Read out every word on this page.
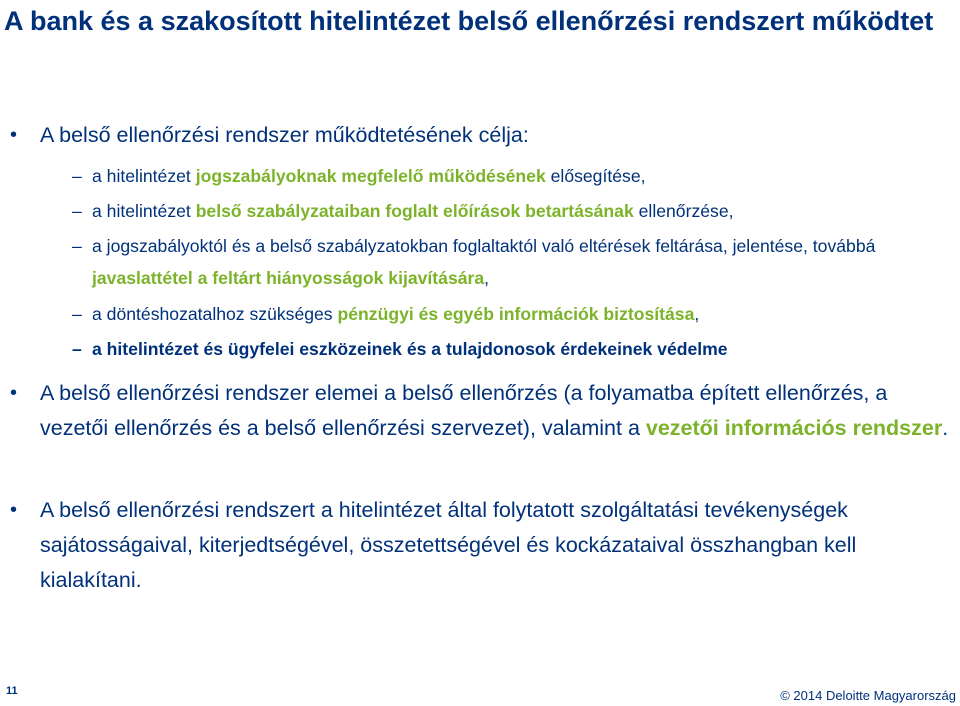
A bank és a szakosított hitelintézet belső ellenőrzési rendszert működtet
• A belső ellenőrzési rendszer működtetésének célja:
– a hitelintézet jogszabályoknak megfelelő működésének elősegítése,
– a hitelintézet belső szabályzataiban foglalt előírások betartásának ellenőrzése,
– a jogszabályoktól és a belső szabályzatokban foglaltaktól való eltérések feltárása, jelentése, továbbá javaslattétel a feltárt hiányosságok kijavítására,
– a döntéshozatalhoz szükséges pénzügyi és egyéb információk biztosítása,
– a hitelintézet és ügyfelei eszközeinek és a tulajdonosok érdekeinek védelme
• A belső ellenőrzési rendszer elemei a belső ellenőrzés (a folyamatba épített ellenőrzés, a vezetői ellenőrzés és a belső ellenőrzési szervezet), valamint a vezetői információs rendszer.
• A belső ellenőrzési rendszert a hitelintézet által folytatott szolgáltatási tevékenységek sajátosságaival, kiterjedtségével, összetettségével és kockázataival összhangban kell kialakítani.
11	© 2014 Deloitte Magyarország
